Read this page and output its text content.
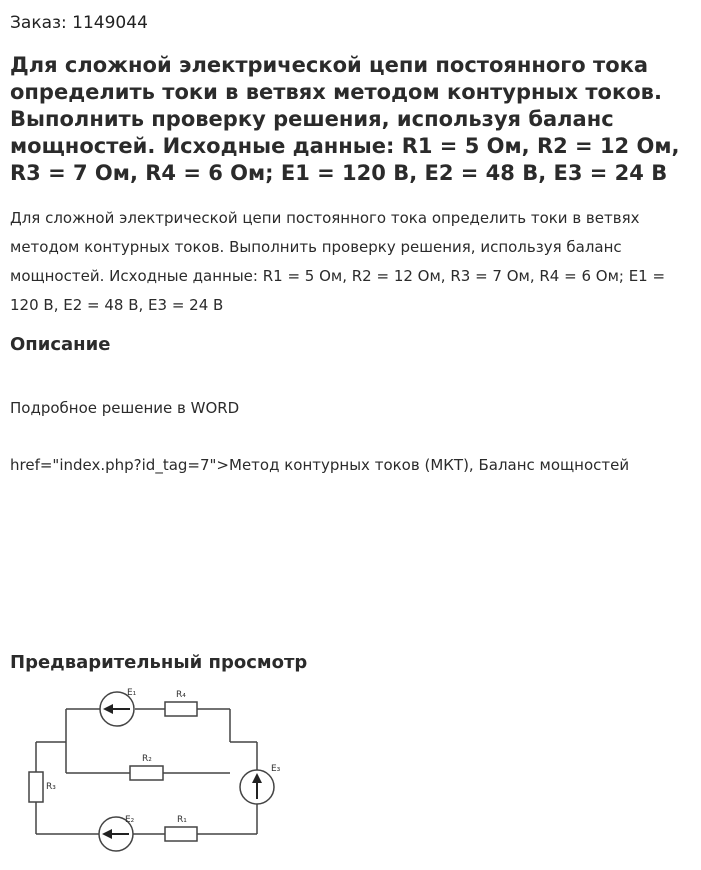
Заказ: 1149044
Для сложной электрической цепи постоянного тока определить токи в ветвях методом контурных токов. Выполнить проверку решения, используя баланс мощностей. Исходные данные: R1 = 5 Ом, R2 = 12 Ом, R3 = 7 Ом, R4 = 6 Ом; E1 = 120 В, E2 = 48 В, E3 = 24 В

Для сложной электрической цепи постоянного тока определить токи в ветвях методом контурных токов. Выполнить проверку решения, используя баланс мощностей. Исходные данные: R1 = 5 Ом, R2 = 12 Ом, R3 = 7 Ом, R4 = 6 Ом; E1 = 120 В, E2 = 48 В, E3 = 24 В

Описание

Подробное решение в WORD

href="index.php?id_tag=7">Метод контурных токов (МКТ), Баланс мощностей

Предварительный просмотр
E₁
E₂
E₃
R₄
R₂
R₃
R₁
